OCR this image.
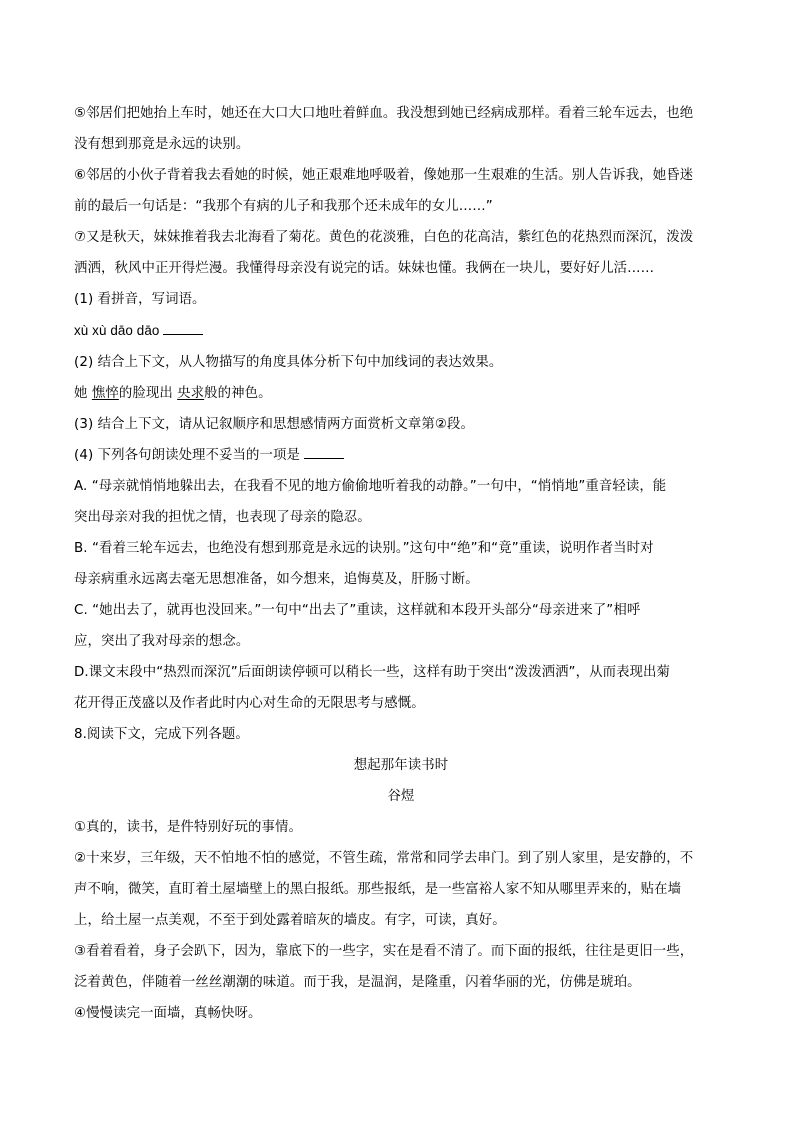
⑤邻居们把她抬上车时，她还在大口大口地吐着鲜血。我没想到她已经病成那样。看着三轮车远去，也绝
没有想到那竟是永远的诀别。
⑥邻居的小伙子背着我去看她的时候，她正艰难地呼吸着，像她那一生艰难的生活。别人告诉我，她昏迷
前的最后一句话是：“我那个有病的儿子和我那个还未成年的女儿……”
⑦又是秋天，妹妹推着我去北海看了菊花。黄色的花淡雅，白色的花高洁，紫红色的花热烈而深沉，泼泼
洒洒，秋风中正开得烂漫。我懂得母亲没有说完的话。妹妹也懂。我俩在一块儿，要好好儿活……
(1) 看拼音，写词语。
xù xù dāo dāo
(2) 结合上下文，从人物描写的角度具体分析下句中加线词的表达效果。
她 憔悴的脸现出 央求般的神色。
(3) 结合上下文，请从记叙顺序和思想感情两方面赏析文章第②段。
(4) 下列各句朗读处理不妥当的一项是
A. “母亲就悄悄地躲出去，在我看不见的地方偷偷地听着我的动静。”一句中，“悄悄地”重音轻读，能
突出母亲对我的担忧之情，也表现了母亲的隐忍。
B. “看着三轮车远去，也绝没有想到那竟是永远的诀别。”这句中“绝”和“竟”重读，说明作者当时对
母亲病重永远离去毫无思想准备，如今想来，追悔莫及，肝肠寸断。
C. “她出去了，就再也没回来。”一句中“出去了”重读，这样就和本段开头部分“母亲进来了”相呼
应，突出了我对母亲的想念。
D.课文末段中“热烈而深沉”后面朗读停顿可以稍长一些，这样有助于突出“泼泼洒洒”，从而表现出菊
花开得正茂盛以及作者此时内心对生命的无限思考与感慨。
8.阅读下文，完成下列各题。
想起那年读书时
谷煜
①真的，读书，是件特别好玩的事情。
②十来岁，三年级，天不怕地不怕的感觉，不管生疏，常常和同学去串门。到了别人家里，是安静的，不
声不响，微笑，直盯着土屋墙壁上的黑白报纸。那些报纸，是一些富裕人家不知从哪里弄来的，贴在墙
上，给土屋一点美观，不至于到处露着暗灰的墙皮。有字，可读，真好。
③看着看着，身子会趴下，因为，靠底下的一些字，实在是看不清了。而下面的报纸，往往是更旧一些，
泛着黄色，伴随着一丝丝潮潮的味道。而于我，是温润，是隆重，闪着华丽的光，仿佛是琥珀。
④慢慢读完一面墙，真畅快呀。
